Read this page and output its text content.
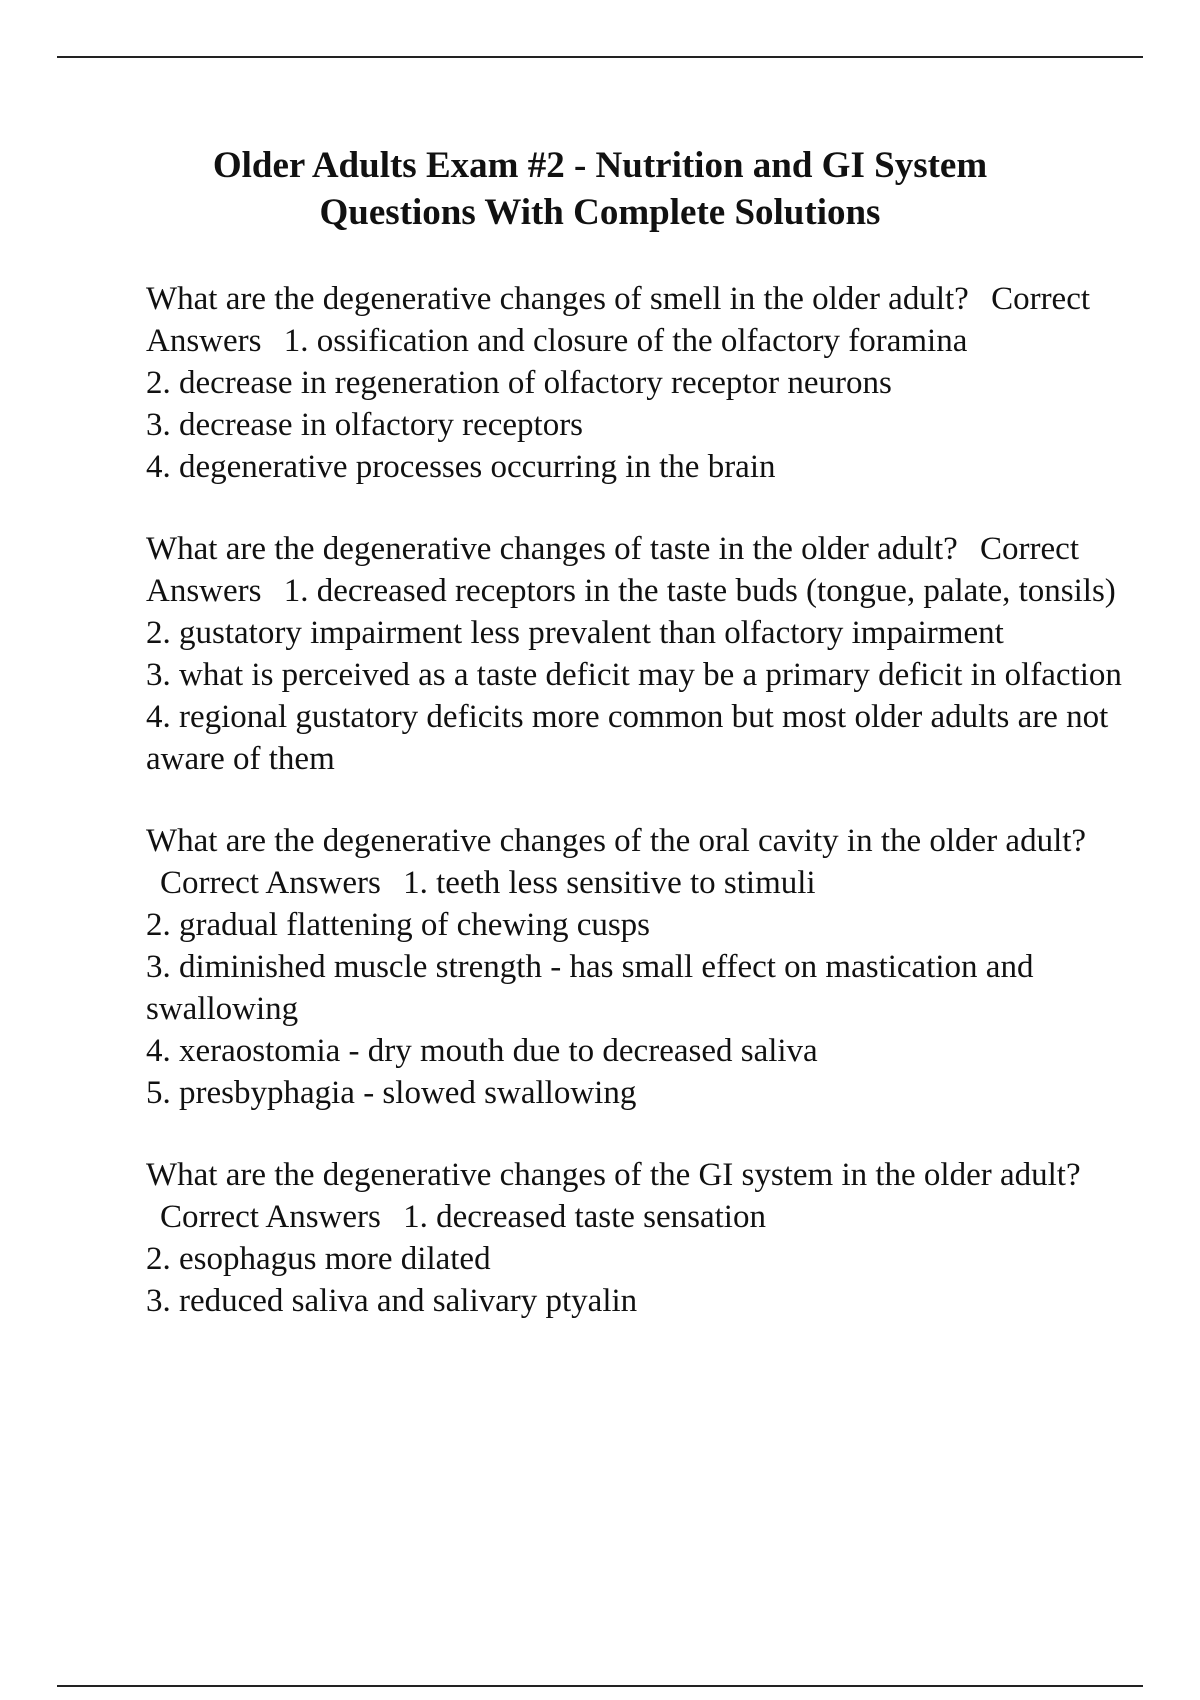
Older Adults Exam #2 - Nutrition and GI System
Questions With Complete Solutions

What are the degenerative changes of smell in the older adult? Correct Answers 1. ossification and closure of the olfactory foramina

2. decrease in regeneration of olfactory receptor neurons

3. decrease in olfactory receptors

4. degenerative processes occurring in the brain

What are the degenerative changes of taste in the older adult? Correct Answers 1. decreased receptors in the taste buds (tongue, palate, tonsils)

2. gustatory impairment less prevalent than olfactory impairment

3. what is perceived as a taste deficit may be a primary deficit in olfaction

4. regional gustatory deficits more common but most older adults are not aware of them

What are the degenerative changes of the oral cavity in the older adult? Correct Answers 1. teeth less sensitive to stimuli

2. gradual flattening of chewing cusps

3. diminished muscle strength - has small effect on mastication and swallowing

4. xeraostomia - dry mouth due to decreased saliva

5. presbyphagia - slowed swallowing

What are the degenerative changes of the GI system in the older adult? Correct Answers 1. decreased taste sensation

2. esophagus more dilated

3. reduced saliva and salivary ptyalin
